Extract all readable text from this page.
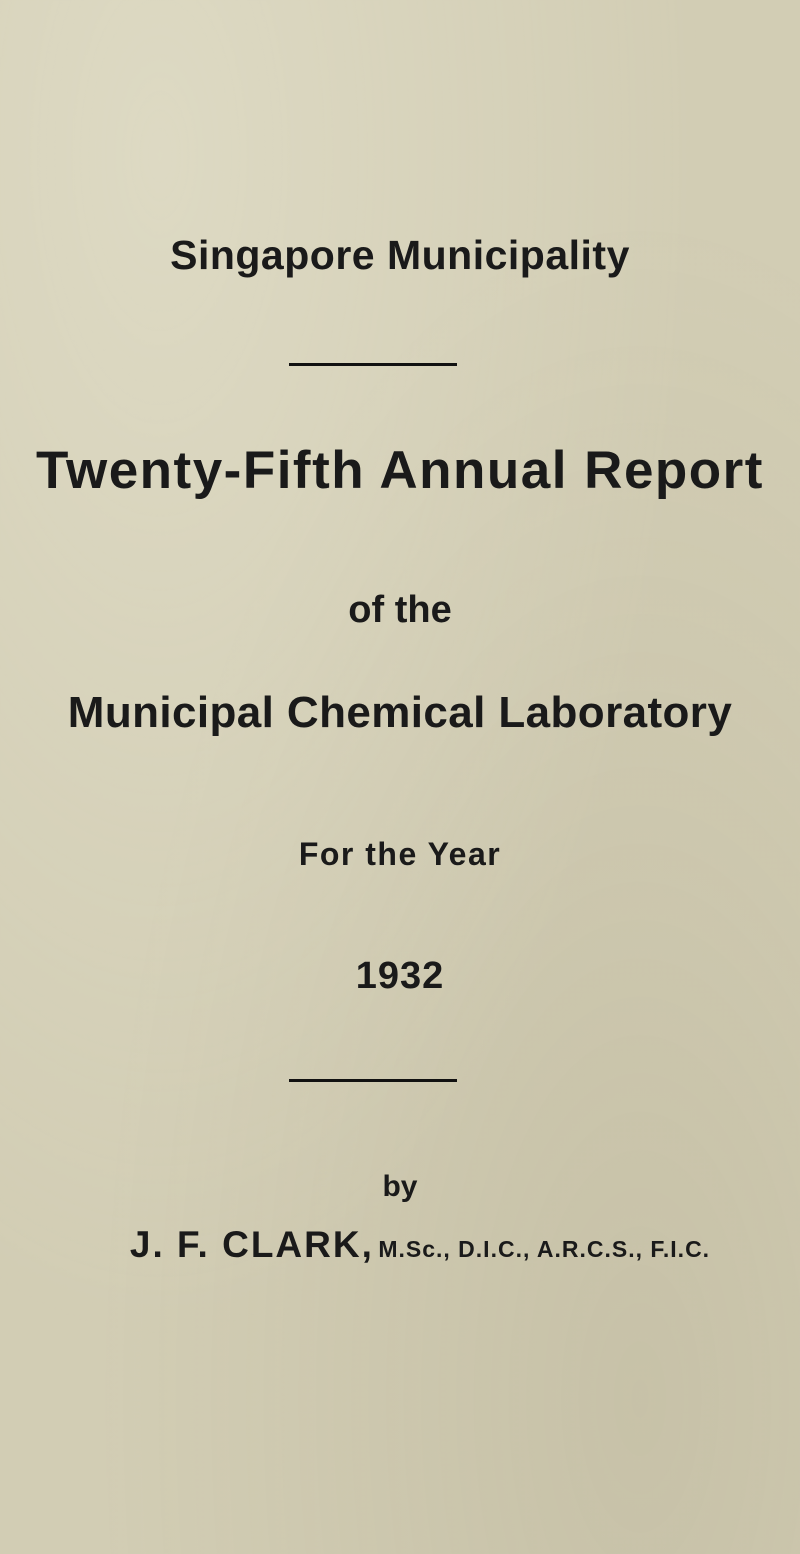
Singapore Municipality
Twenty-Fifth Annual Report
of the
Municipal Chemical Laboratory
For the Year
1932
by
J. F. CLARK, M.Sc., D.I.C., A.R.C.S., F.I.C.
